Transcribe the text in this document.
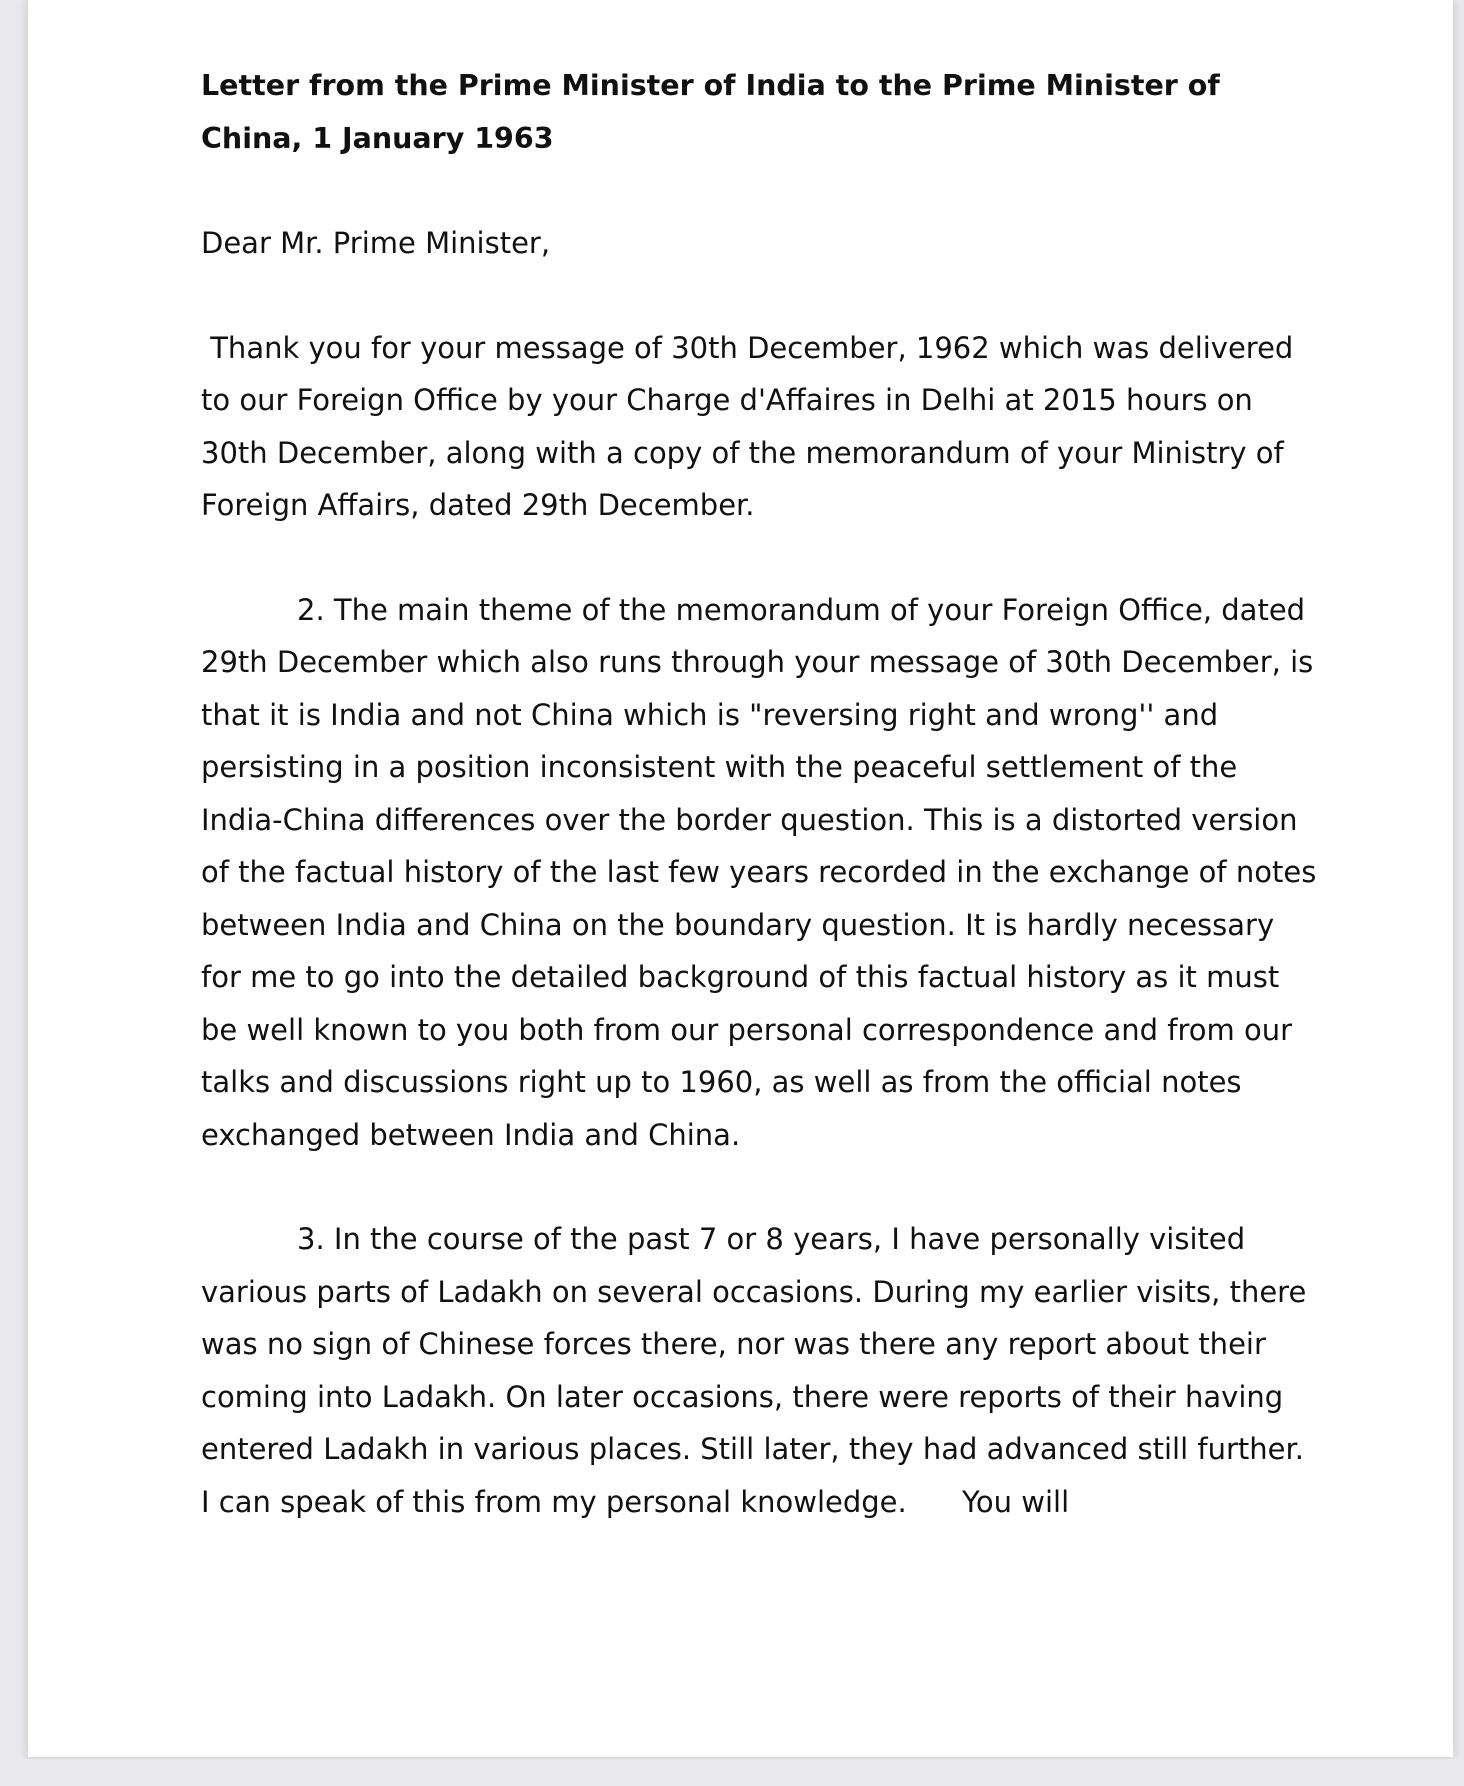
Letter from the Prime Minister of India to the Prime Minister of China, 1 January 1963

Dear Mr. Prime Minister,

Thank you for your message of 30th December, 1962 which was delivered to our Foreign Office by your Charge d'Affaires in Delhi at 2015 hours on 30th December, along with a copy of the memorandum of your Ministry of Foreign Affairs, dated 29th December.

2. The main theme of the memorandum of your Foreign Office, dated 29th December which also runs through your message of 30th December, is that it is India and not China which is "reversing right and wrong'' and persisting in a position inconsistent with the peaceful settlement of the India-China differences over the border question. This is a distorted version of the factual history of the last few years recorded in the exchange of notes between India and China on the boundary question. It is hardly necessary for me to go into the detailed background of this factual history as it must be well known to you both from our personal correspondence and from our talks and discussions right up to 1960, as well as from the official notes exchanged between India and China.

3. In the course of the past 7 or 8 years, I have personally visited various parts of Ladakh on several occasions. During my earlier visits, there was no sign of Chinese forces there, nor was there any report about their coming into Ladakh. On later occasions, there were reports of their having entered Ladakh in various places. Still later, they had advanced still further. I can speak of this from my personal knowledge.      You will
